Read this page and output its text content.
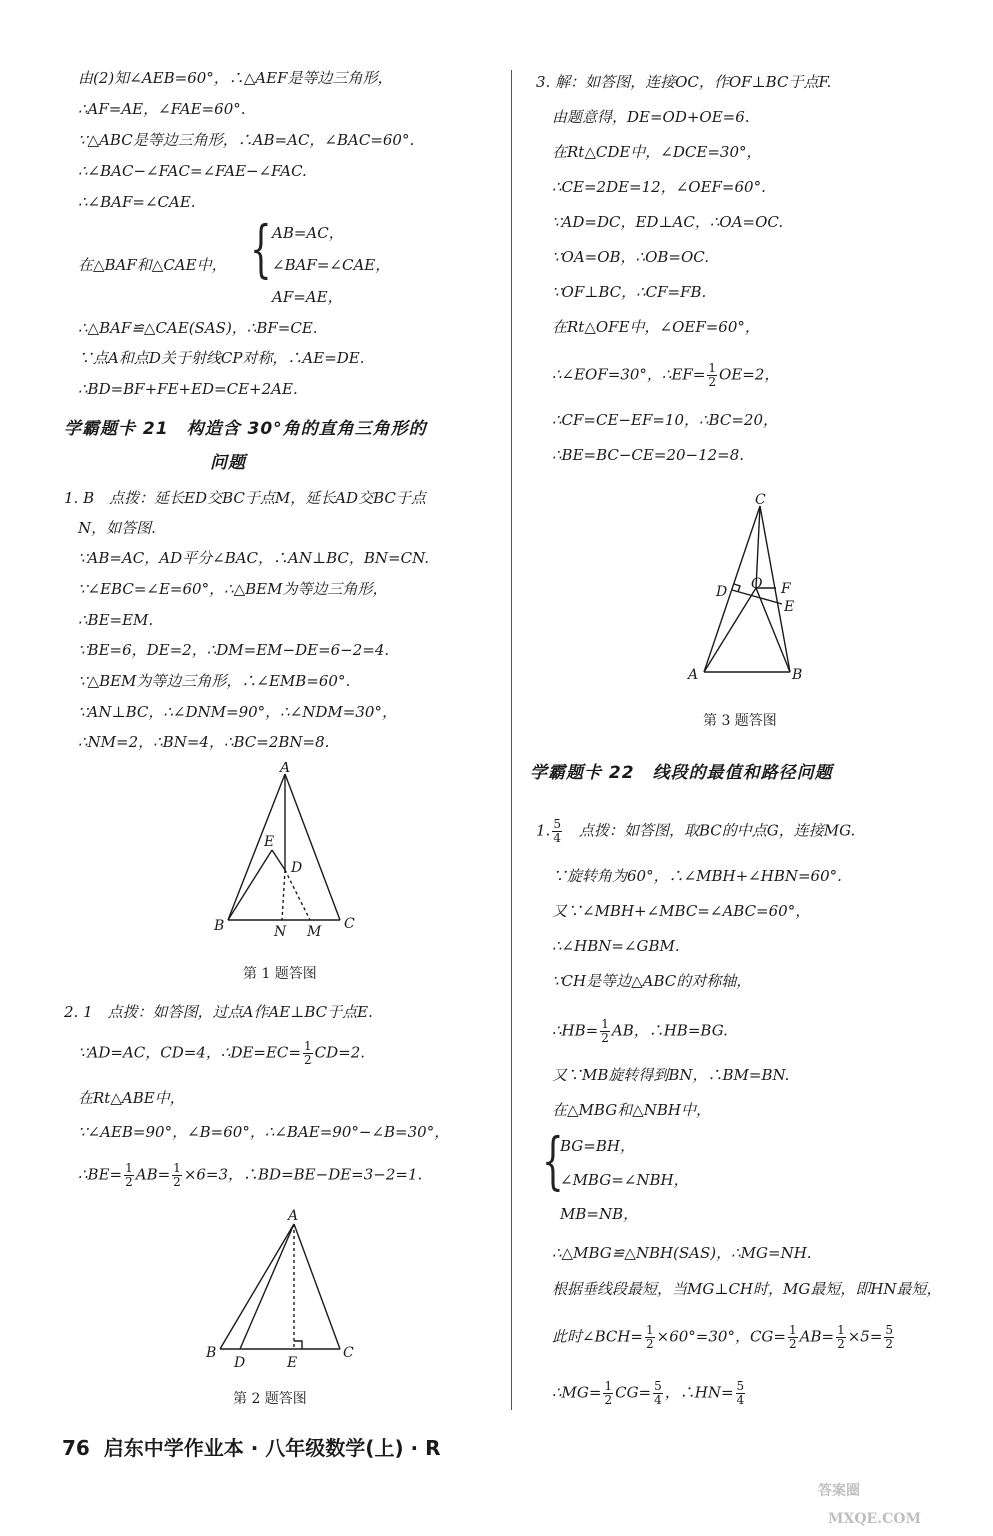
由(2)知∠AEB=60°，∴△AEF是等边三角形，
∴AF=AE，∠FAE=60°.
∵△ABC是等边三角形，∴AB=AC，∠BAC=60°.
∴∠BAC−∠FAC=∠FAE−∠FAC.
∴∠BAF=∠CAE.
在△BAF和△CAE中， { AB=AC，
∠BAF=∠CAE，
AF=AE，
∴△BAF≌△CAE(SAS)，∴BF=CE.
∵点A和点D关于射线CP对称，∴AE=DE.
∴BD=BF+FE+ED=CE+2AE.
学霸题卡 21　构造含 30°角的直角三角形的
问题
1. B　点拨：延长ED交BC于点M，延长AD交BC于点
N，如答图.
∵AB=AC，AD平分∠BAC，∴AN⊥BC，BN=CN.
∵∠EBC=∠E=60°，∴△BEM为等边三角形，
∴BE=EM.
∵BE=6，DE=2，∴DM=EM−DE=6−2=4.
∵△BEM为等边三角形，∴∠EMB=60°.
∵AN⊥BC，∴∠DNM=90°，∴∠NDM=30°，
∴NM=2，∴BN=4，∴BC=2BN=8.
A
B	C
D
E
N M
第 1 题答图
2. 1　点拨：如答图，过点A作AE⊥BC于点E.
∵AD=AC，CD=4，∴DE=EC= $\frac{1}{2} CD=2$.
在Rt△ABE中，
∵∠AEB=90°，∠B=60°，∴∠BAE=90°−∠B=30°，
∴BE= $\frac{1}{2} AB= \frac{1}{2} \times 6=3$，∴BD=BE−DE=3−2=1.
A
B	C
D	E
第 2 题答图
3. 解：如答图，连接OC，作OF⊥BC于点F.
由题意得，DE=OD+OE=6.
在Rt△CDE中，∠DCE=30°，
∴CE=2DE=12，∠OEF=60°.
∵AD=DC，ED⊥AC，∴OA=OC.
∵OA=OB，∴OB=OC.
∵OF⊥BC，∴CF=FB.
在Rt△OFE中，∠OEF=60°，
∴∠EOF=30°，∴EF= $\frac{1}{2} OE=2$，
∴CF=CE−EF=10，∴BC=20，
∴BE=BC−CE=20−12=8.
C
D O F
E
A	B
第 3 题答图
学霸题卡 22　线段的最值和路径问题
1. $\frac{5}{4}$ 　点拨：如答图，取BC的中点G，连接MG.
∵旋转角为60°，∴∠MBH+∠HBN=60°.
又∵∠MBH+∠MBC=∠ABC=60°，
∴∠HBN=∠GBM.
∵CH是等边△ABC的对称轴，
∴HB= $\frac{1}{2}$ AB，∴HB=BG.
又∵MB旋转得到BN，∴BM=BN.
在△MBG和△NBH中，
{
BG=BH，
∠MBG=∠NBH，
MB=NB，
∴△MBG≌△NBH(SAS)，∴MG=NH.
根据垂线段最短，当MG⊥CH时，MG最短，即HN最短，
此时∠BCH= $\frac{1}{2} \times 60^\circ=30^\circ$，$CG= \frac{1}{2} AB= \frac{1}{2} \times 5= \frac{5}{2}$
∴MG= $\frac{1}{2} CG= \frac{5}{4}$ ，∴HN= $\frac{5}{4}$
76 启东中学作业本 · 八年级数学(上) · R
答案圈
MXQE.COM
